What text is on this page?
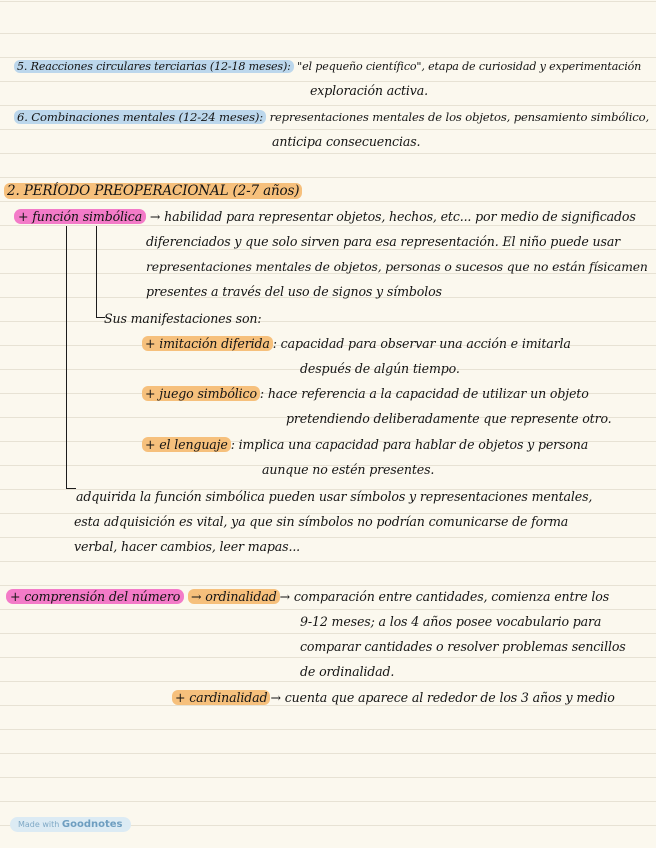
5. Reacciones circulares terciarias (12-18 meses): "el pequeño científico", etapa de curiosidad y experimentación
exploración activa.
6. Combinaciones mentales (12-24 meses): representaciones mentales de los objetos, pensamiento simbólico,
anticipa consecuencias.
2. PERÍODO PREOPERACIONAL (2-7 años)
+ función simbólica → habilidad para representar objetos, hechos, etc... por medio de significados
diferenciados y que solo sirven para esa representación. El niño puede usar
representaciones mentales de objetos, personas o sucesos que no están físicamen
presentes a través del uso de signos y símbolos
Sus manifestaciones son:
+ imitación diferida : capacidad para observar una acción e imitarla
después de algún tiempo.
+ juego simbólico : hace referencia a la capacidad de utilizar un objeto
pretendiendo deliberadamente que represente otro.
+ el lenguaje : implica una capacidad para hablar de objetos y persona
aunque no estén presentes.
adquirida la función simbólica pueden usar símbolos y representaciones mentales,
esta adquisición es vital, ya que sin símbolos no podrían comunicarse de forma
verbal, hacer cambios, leer mapas...
+ comprensión del número → ordinalidad → comparación entre cantidades, comienza entre los
9-12 meses; a los 4 años posee vocabulario para
comparar cantidades o resolver problemas sencillos
de ordinalidad.
+ cardinalidad → cuenta que aparece al rededor de los 3 años y medio
Made with Goodnotes
